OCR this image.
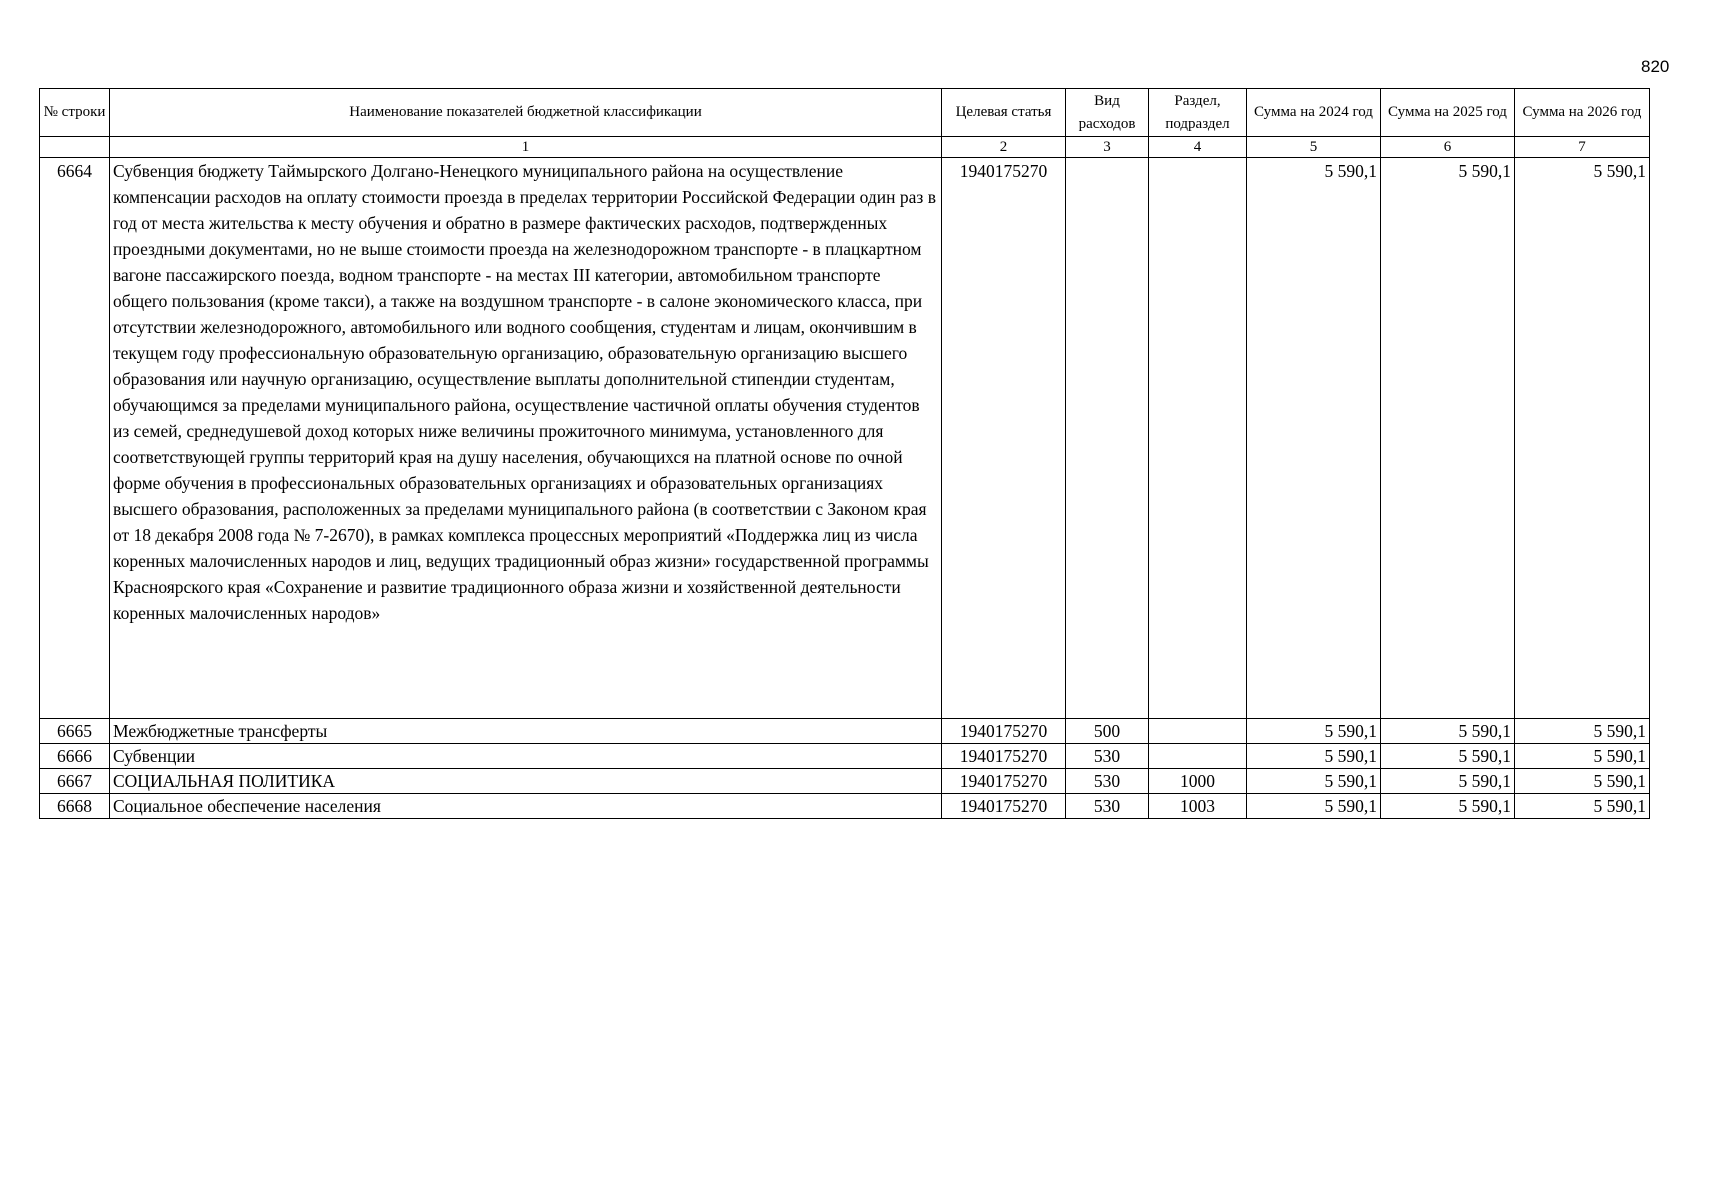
820
№ строки	Наименование показателей бюджетной классификации	Целевая статья	Вид расходов	Раздел, подраздел	Сумма на 2024 год	Сумма на 2025 год	Сумма на 2026 год
	1	2	3	4	5	6	7
6664	Субвенция бюджету Таймырского Долгано-Ненецкого муниципального района на осуществление компенсации расходов на оплату стоимости проезда в пределах территории Российской Федерации один раз в год от места жительства к месту обучения и обратно в размере фактических расходов, подтвержденных проездными документами, но не выше стоимости проезда на железнодорожном транспорте - в плацкартном вагоне пассажирского поезда, водном транспорте - на местах III категории, автомобильном транспорте общего пользования (кроме такси), а также на воздушном транспорте - в салоне экономического класса, при отсутствии железнодорожного, автомобильного или водного сообщения, студентам и лицам, окончившим в текущем году профессиональную образовательную организацию, образовательную организацию высшего образования или научную организацию, осуществление выплаты дополнительной стипендии студентам, обучающимся за пределами муниципального района, осуществление частичной оплаты обучения студентов из семей, среднедушевой доход которых ниже величины прожиточного минимума, установленного для соответствующей группы территорий края на душу населения, обучающихся на платной основе по очной форме обучения в профессиональных образовательных организациях и образовательных организациях высшего образования, расположенных за пределами муниципального района (в соответствии с Законом края от 18 декабря 2008 года № 7-2670), в рамках комплекса процессных мероприятий «Поддержка лиц из числа коренных малочисленных народов и лиц, ведущих традиционный образ жизни» государственной программы Красноярского края «Сохранение и развитие традиционного образа жизни и хозяйственной деятельности коренных малочисленных народов»	1940175270			5 590,1	5 590,1	5 590,1
6665	Межбюджетные трансферты	1940175270	500		5 590,1	5 590,1	5 590,1
6666	Субвенции	1940175270	530		5 590,1	5 590,1	5 590,1
6667	СОЦИАЛЬНАЯ ПОЛИТИКА	1940175270	530	1000	5 590,1	5 590,1	5 590,1
6668	Социальное обеспечение населения	1940175270	530	1003	5 590,1	5 590,1	5 590,1
